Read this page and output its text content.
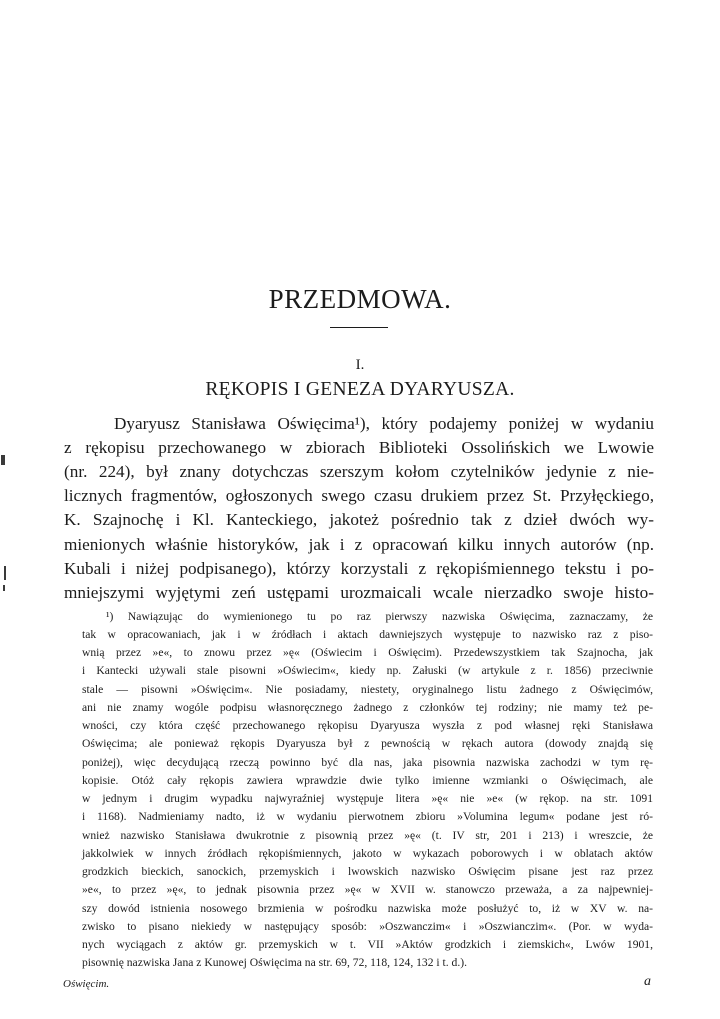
PRZEDMOWA.
I.
RĘKOPIS I GENEZA DYARYUSZA.
Dyaryusz Stanisława Oświęcima¹), który podajemy poniżej w wydaniu
z rękopisu przechowanego w zbiorach Biblioteki Ossolińskich we Lwowie
(nr. 224), był znany dotychczas szerszym kołom czytelników jedynie z nie-
licznych fragmentów, ogłoszonych swego czasu drukiem przez St. Przyłęckiego,
K. Szajnochę i Kl. Kanteckiego, jakoteż pośrednio tak z dzieł dwóch wy-
mienionych właśnie historyków, jak i z opracowań kilku innych autorów (np.
Kubali i niżej podpisanego), którzy korzystali z rękopiśmiennego tekstu i po-
mniejszymi wyjętymi zeń ustępami urozmaicali wcale nierzadko swoje histo-
¹) Nawiązując do wymienionego tu po raz pierwszy nazwiska Oświęcima, zaznaczamy, że
tak w opracowaniach, jak i w źródłach i aktach dawniejszych występuje to nazwisko raz z piso-
wnią przez »e«, to znowu przez »ę« (Oświecim i Oświęcim). Przedewszystkiem tak Szajnocha, jak
i Kantecki używali stale pisowni »Oświecim«, kiedy np. Załuski (w artykule z r. 1856) przeciwnie
stale — pisowni »Oświęcim«. Nie posiadamy, niestety, oryginalnego listu żadnego z Oświęcimów,
ani nie znamy wogóle podpisu własnoręcznego żadnego z członków tej rodziny; nie mamy też pe-
wności, czy która część przechowanego rękopisu Dyaryusza wyszła z pod własnej ręki Stanisława
Oświęcima; ale ponieważ rękopis Dyaryusza był z pewnością w rękach autora (dowody znajdą się
poniżej), więc decydującą rzeczą powinno być dla nas, jaka pisownia nazwiska zachodzi w tym rę-
kopisie. Otóż cały rękopis zawiera wprawdzie dwie tylko imienne wzmianki o Oświęcimach, ale
w jednym i drugim wypadku najwyraźniej występuje litera »ę« nie »e« (w rękop. na str. 1091
i 1168). Nadmieniamy nadto, iż w wydaniu pierwotnem zbioru »Volumina legum« podane jest ró-
wnież nazwisko Stanisława dwukrotnie z pisownią przez »ę« (t. IV str, 201 i 213) i wreszcie, że
jakkolwiek w innych źródłach rękopiśmiennych, jakoto w wykazach poborowych i w oblatach aktów
grodzkich bieckich, sanockich, przemyskich i lwowskich nazwisko Oświęcim pisane jest raz przez
»e«, to przez »ę«, to jednak pisownia przez »ę« w XVII w. stanowczo przeważa, a za najpewniej-
szy dowód istnienia nosowego brzmienia w pośrodku nazwiska może posłużyć to, iż w XV w. na-
zwisko to pisano niekiedy w następujący sposób: »Oszwanczim« i »Oszwianczim«. (Por. w wyda-
nych wyciągach z aktów gr. przemyskich w t. VII »Aktów grodzkich i ziemskich«, Lwów 1901,
pisownię nazwiska Jana z Kunowej Oświęcima na str. 69, 72, 118, 124, 132 i t. d.).
Oświęcim.	a
